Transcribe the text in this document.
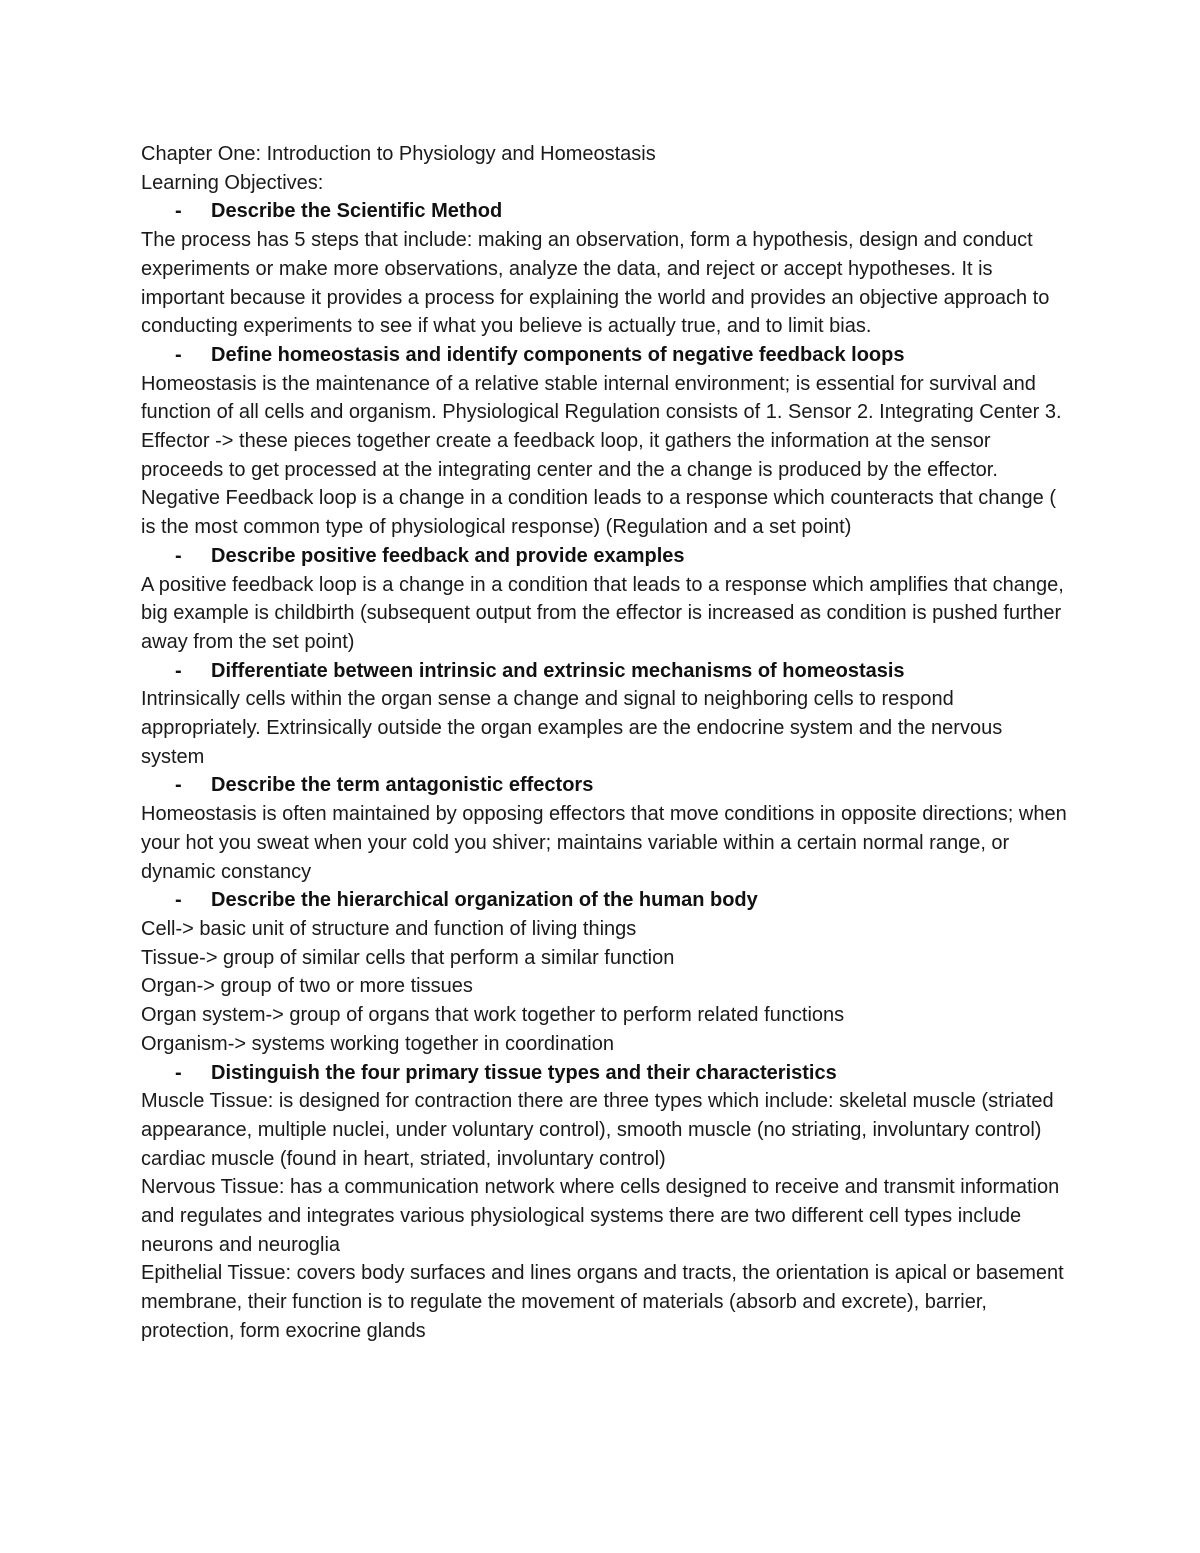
Chapter One: Introduction to Physiology and Homeostasis

Learning Objectives:

-	Describe the Scientific Method

The process has 5 steps that include: making an observation, form a hypothesis, design and conduct experiments or make more observations, analyze the data, and reject or accept hypotheses. It is important because it provides a process for explaining the world and provides an objective approach to conducting experiments to see if what you believe is actually true, and to limit bias.

-	Define homeostasis and identify components of negative feedback loops

Homeostasis is the maintenance of a relative stable internal environment; is essential for survival and function of all cells and organism. Physiological Regulation consists of 1. Sensor 2. Integrating Center 3. Effector -> these pieces together create a feedback loop, it gathers the information at the sensor proceeds to get processed at the integrating center and the a change is produced by the effector. Negative Feedback loop is a change in a condition leads to a response which counteracts that change ( is the most common type of physiological response) (Regulation and a set point)

-	Describe positive feedback and provide examples

A positive feedback loop is a change in a condition that leads to a response which amplifies that change, big example is childbirth (subsequent output from the effector is increased as condition is pushed further away from the set point)

-	Differentiate between intrinsic and extrinsic mechanisms of homeostasis

Intrinsically cells within the organ sense a change and signal to neighboring cells to respond appropriately. Extrinsically outside the organ examples are the endocrine system and the nervous system

-	Describe the term antagonistic effectors

Homeostasis is often maintained by opposing effectors that move conditions in opposite directions; when your hot you sweat when your cold you shiver; maintains variable within a certain normal range, or dynamic constancy

-	Describe the hierarchical organization of the human body

Cell-> basic unit of structure and function of living things

Tissue-> group of similar cells that perform a similar function

Organ-> group of two or more tissues

Organ system-> group of organs that work together to perform related functions

Organism-> systems working together in coordination

-	Distinguish the four primary tissue types and their characteristics

Muscle Tissue: is designed for contraction there are three types which include: skeletal muscle (striated appearance, multiple nuclei, under voluntary control), smooth muscle (no striating, involuntary control) cardiac muscle (found in heart, striated, involuntary control)

Nervous Tissue: has a communication network where cells designed to receive and transmit information and regulates and integrates various physiological systems there are two different cell types include neurons and neuroglia

Epithelial Tissue: covers body surfaces and lines organs and tracts, the orientation is apical or basement membrane, their function is to regulate the movement of materials (absorb and excrete), barrier, protection, form exocrine glands
